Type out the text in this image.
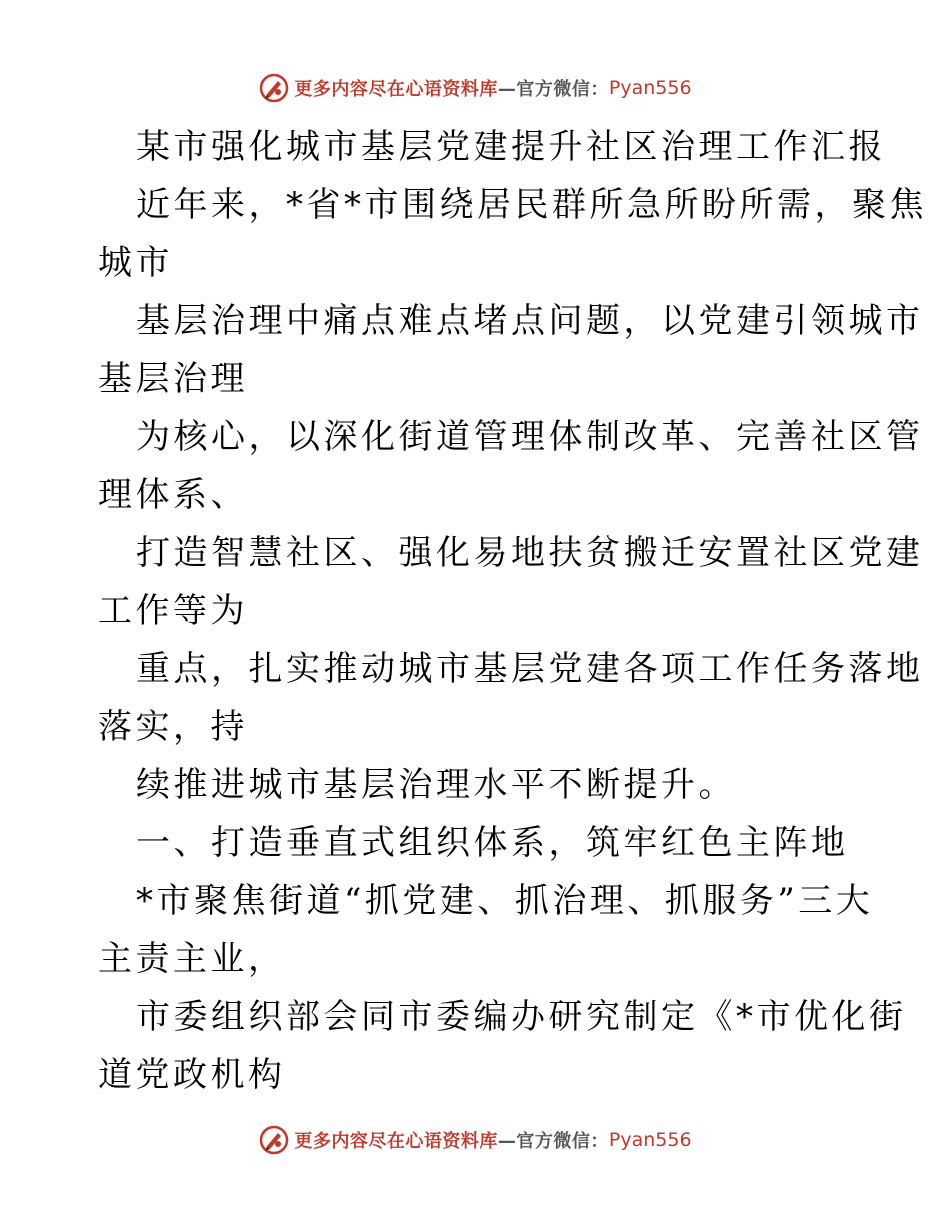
更多内容尽在心语资料库 —官方微信： Pyan556
某市强化城市基层党建提升社区治理工作汇报
近年来，*省*市围绕居民群所急所盼所需，聚焦
城市
基层治理中痛点难点堵点问题，以党建引领城市
基层治理
为核心，以深化街道管理体制改革、完善社区管
理体系、
打造智慧社区、强化易地扶贫搬迁安置社区党建
工作等为
重点，扎实推动城市基层党建各项工作任务落地
落实，持
续推进城市基层治理水平不断提升。
一、打造垂直式组织体系，筑牢红色主阵地
*市聚焦街道“抓党建、抓治理、抓服务”三大
主责主业，
市委组织部会同市委编办研究制定《*市优化街
道党政机构
更多内容尽在心语资料库 —官方微信： Pyan556
